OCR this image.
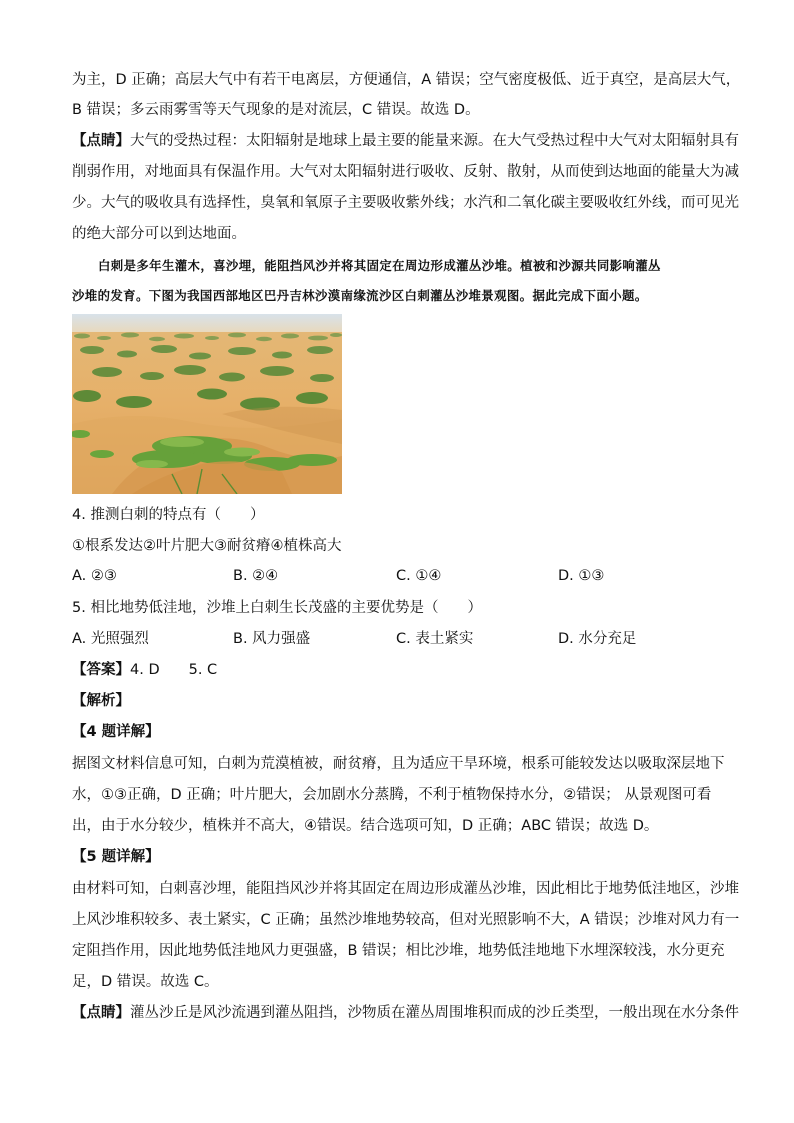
为主，D 正确；高层大气中有若干电离层，方便通信，A 错误；空气密度极低、近于真空，是高层大气，
B 错误；多云雨雾雪等天气现象的是对流层，C 错误。故选 D。
【点睛】大气的受热过程：太阳辐射是地球上最主要的能量来源。在大气受热过程中大气对太阳辐射具有
削弱作用，对地面具有保温作用。大气对太阳辐射进行吸收、反射、散射，从而使到达地面的能量大为减
少。大气的吸收具有选择性，臭氧和氧原子主要吸收紫外线；水汽和二氧化碳主要吸收红外线，而可见光
的绝大部分可以到达地面。
白刺是多年生灌木，喜沙埋，能阻挡风沙并将其固定在周边形成灌丛沙堆。植被和沙源共同影响灌丛
沙堆的发育。下图为我国西部地区巴丹吉林沙漠南缘流沙区白刺灌丛沙堆景观图。据此完成下面小题。
4. 推测白刺的特点有（　　）
①根系发达②叶片肥大③耐贫瘠④植株高大
A. ②③	B. ②④	C. ①④	D. ①③
5. 相比地势低洼地，沙堆上白刺生长茂盛的主要优势是（　　）
A. 光照强烈	B. 风力强盛	C. 表土紧实	D. 水分充足
【答案】4. D　　5. C
【解析】
【4 题详解】
据图文材料信息可知，白刺为荒漠植被，耐贫瘠，且为适应干旱环境，根系可能较发达以吸取深层地下
水，①③正确，D 正确；叶片肥大，会加剧水分蒸腾，不利于植物保持水分，②错误； 从景观图可看
出，由于水分较少，植株并不高大，④错误。结合选项可知，D 正确；ABC 错误；故选 D。
【5 题详解】
由材料可知，白刺喜沙埋，能阻挡风沙并将其固定在周边形成灌丛沙堆，因此相比于地势低洼地区，沙堆
上风沙堆积较多、表土紧实，C 正确；虽然沙堆地势较高，但对光照影响不大，A 错误；沙堆对风力有一
定阻挡作用，因此地势低洼地风力更强盛，B 错误；相比沙堆，地势低洼地地下水埋深较浅，水分更充
足，D 错误。故选 C。
【点睛】灌丛沙丘是风沙流遇到灌丛阻挡，沙物质在灌丛周围堆积而成的沙丘类型，一般出现在水分条件
